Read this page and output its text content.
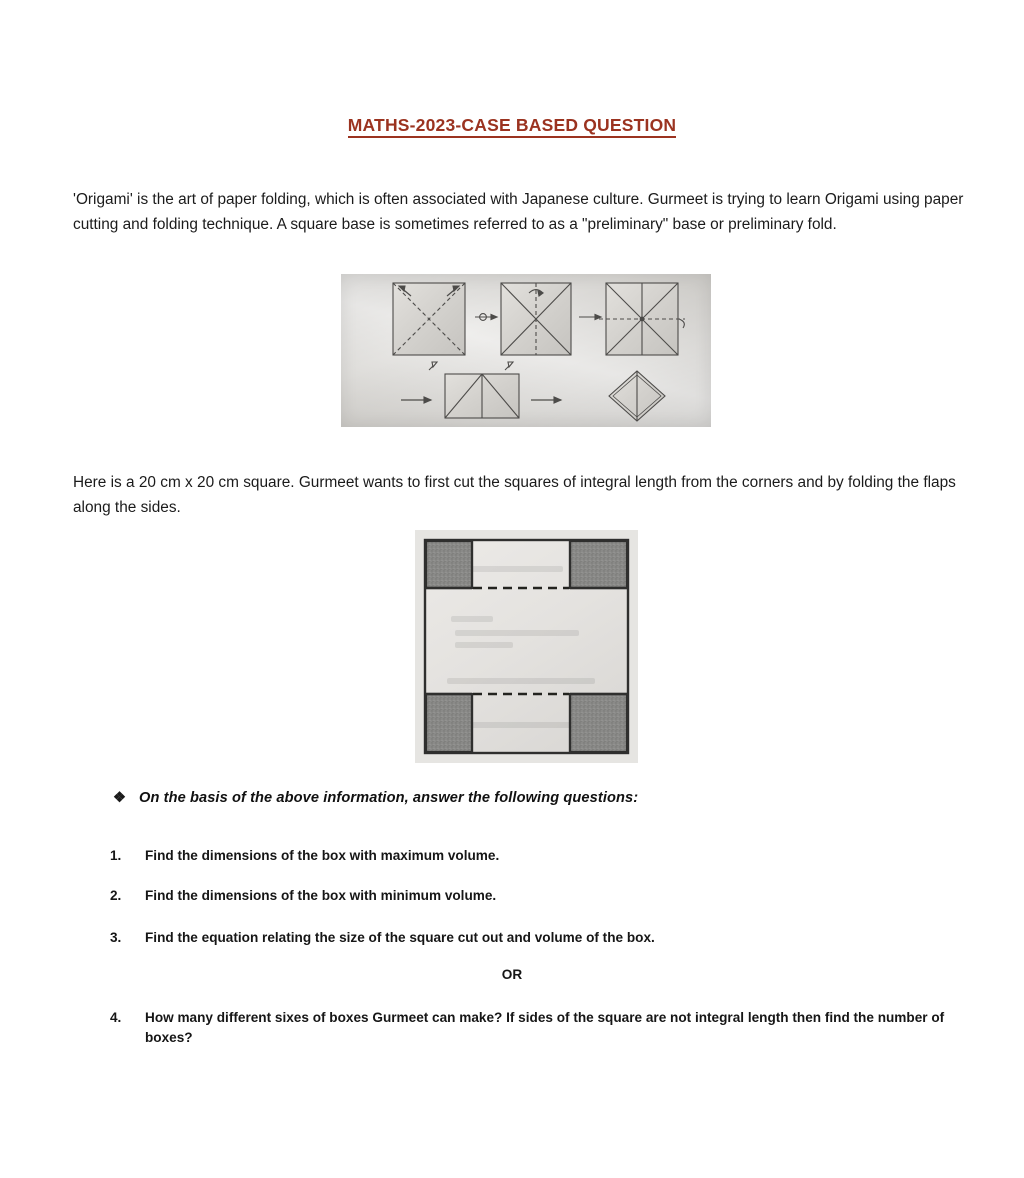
MATHS-2023-CASE BASED QUESTION

'Origami' is the art of paper folding, which is often associated with Japanese culture. Gurmeet is trying to learn Origami using paper cutting and folding technique. A square base is sometimes referred to as a "preliminary" base or preliminary fold.

Here is a 20 cm x 20 cm square. Gurmeet wants to first cut the squares of integral length from the corners and by folding the flaps along the sides.

❖ On the basis of the above information, answer the following questions:
1.	Find the dimensions of the box with maximum volume.
2.	Find the dimensions of the box with minimum volume.
3.	Find the equation relating the size of the square cut out and volume of the box.
OR
4.	How many different sixes of boxes Gurmeet can make? If sides of the square are not integral length then find the number of boxes?
